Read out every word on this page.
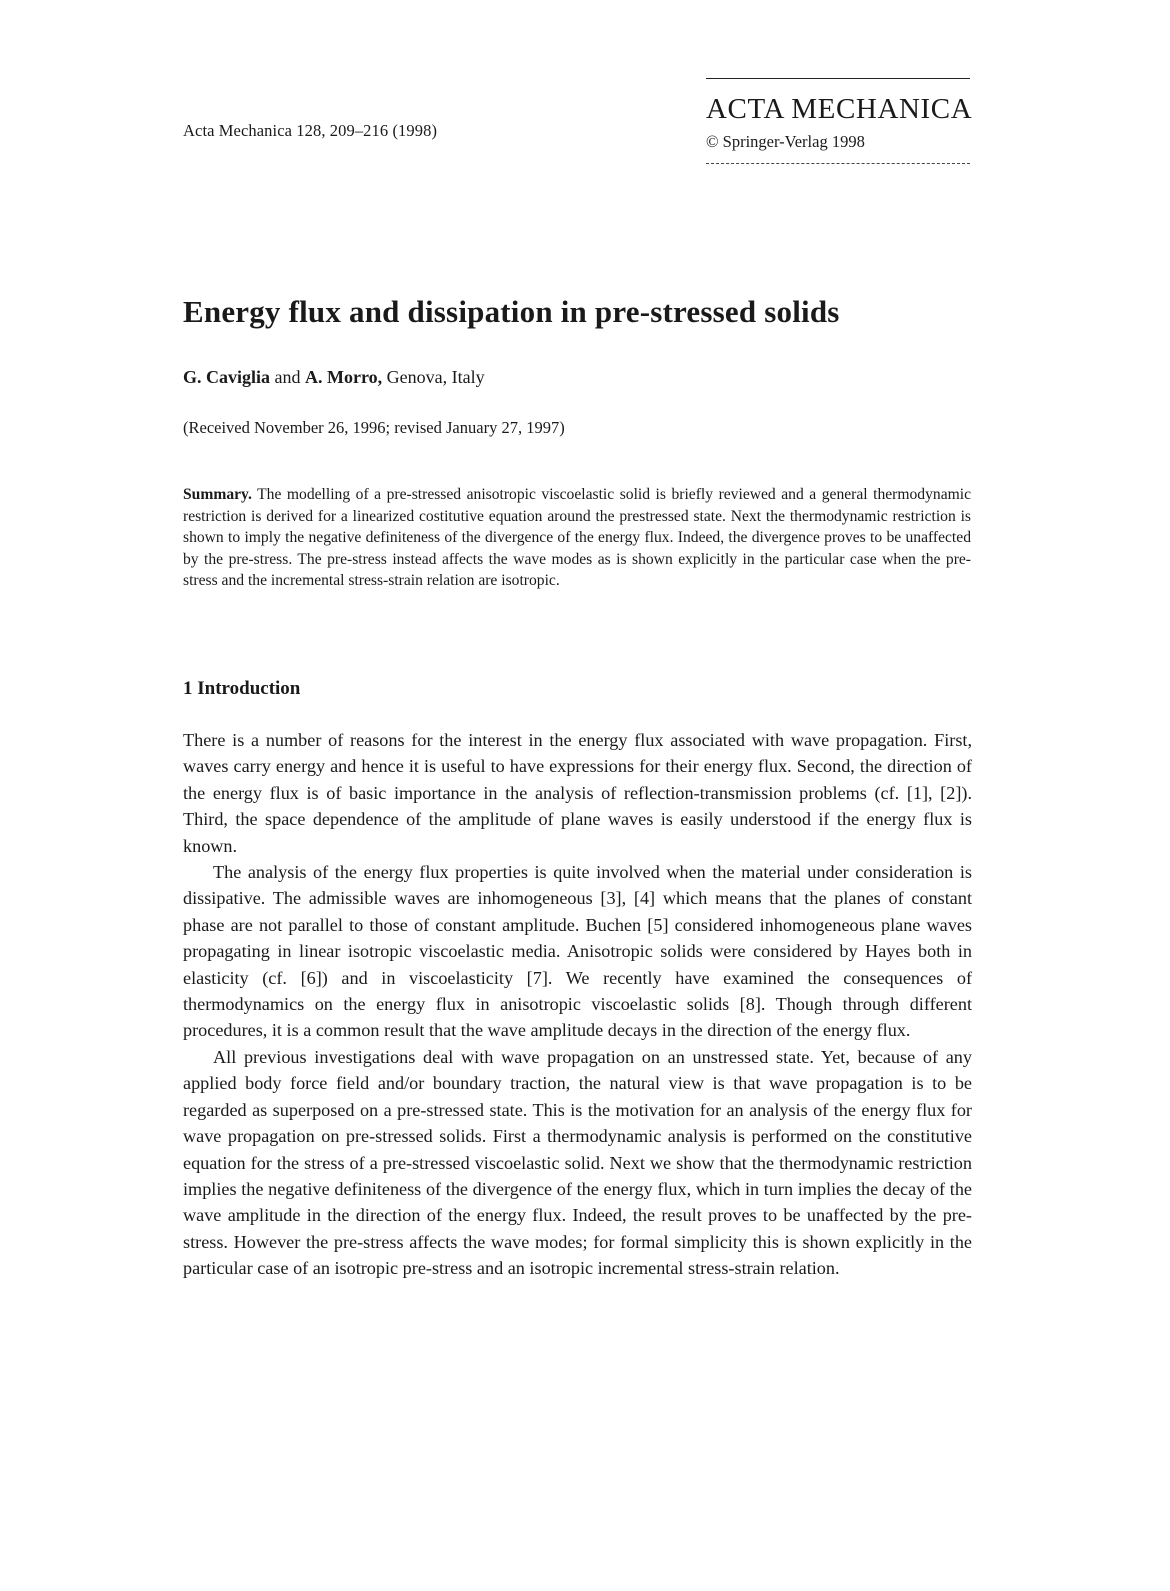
Acta Mechanica 128, 209–216 (1998)
ACTA MECHANICA
© Springer-Verlag 1998
Energy flux and dissipation in pre-stressed solids
G. Caviglia and A. Morro, Genova, Italy
(Received November 26, 1996; revised January 27, 1997)

Summary. The modelling of a pre-stressed anisotropic viscoelastic solid is briefly reviewed and a general thermodynamic restriction is derived for a linearized costitutive equation around the prestressed state. Next the thermodynamic restriction is shown to imply the negative definiteness of the divergence of the energy flux. Indeed, the divergence proves to be unaffected by the pre-stress. The pre-stress instead affects the wave modes as is shown explicitly in the particular case when the pre-stress and the incremental stress-strain relation are isotropic.

1 Introduction

There is a number of reasons for the interest in the energy flux associated with wave propagation. First, waves carry energy and hence it is useful to have expressions for their energy flux. Second, the direction of the energy flux is of basic importance in the analysis of reflection-transmission problems (cf. [1], [2]). Third, the space dependence of the amplitude of plane waves is easily understood if the energy flux is known.

The analysis of the energy flux properties is quite involved when the material under consideration is dissipative. The admissible waves are inhomogeneous [3], [4] which means that the planes of constant phase are not parallel to those of constant amplitude. Buchen [5] considered inhomogeneous plane waves propagating in linear isotropic viscoelastic media. Anisotropic solids were considered by Hayes both in elasticity (cf. [6]) and in viscoelasticity [7]. We recently have examined the consequences of thermodynamics on the energy flux in anisotropic viscoelastic solids [8]. Though through different procedures, it is a common result that the wave amplitude decays in the direction of the energy flux.

All previous investigations deal with wave propagation on an unstressed state. Yet, because of any applied body force field and/or boundary traction, the natural view is that wave propagation is to be regarded as superposed on a pre-stressed state. This is the motivation for an analysis of the energy flux for wave propagation on pre-stressed solids. First a thermodynamic analysis is performed on the constitutive equation for the stress of a pre-stressed viscoelastic solid. Next we show that the thermodynamic restriction implies the negative definiteness of the divergence of the energy flux, which in turn implies the decay of the wave amplitude in the direction of the energy flux. Indeed, the result proves to be unaffected by the pre-stress. However the pre-stress affects the wave modes; for formal simplicity this is shown explicitly in the particular case of an isotropic pre-stress and an isotropic incremental stress-strain relation.
